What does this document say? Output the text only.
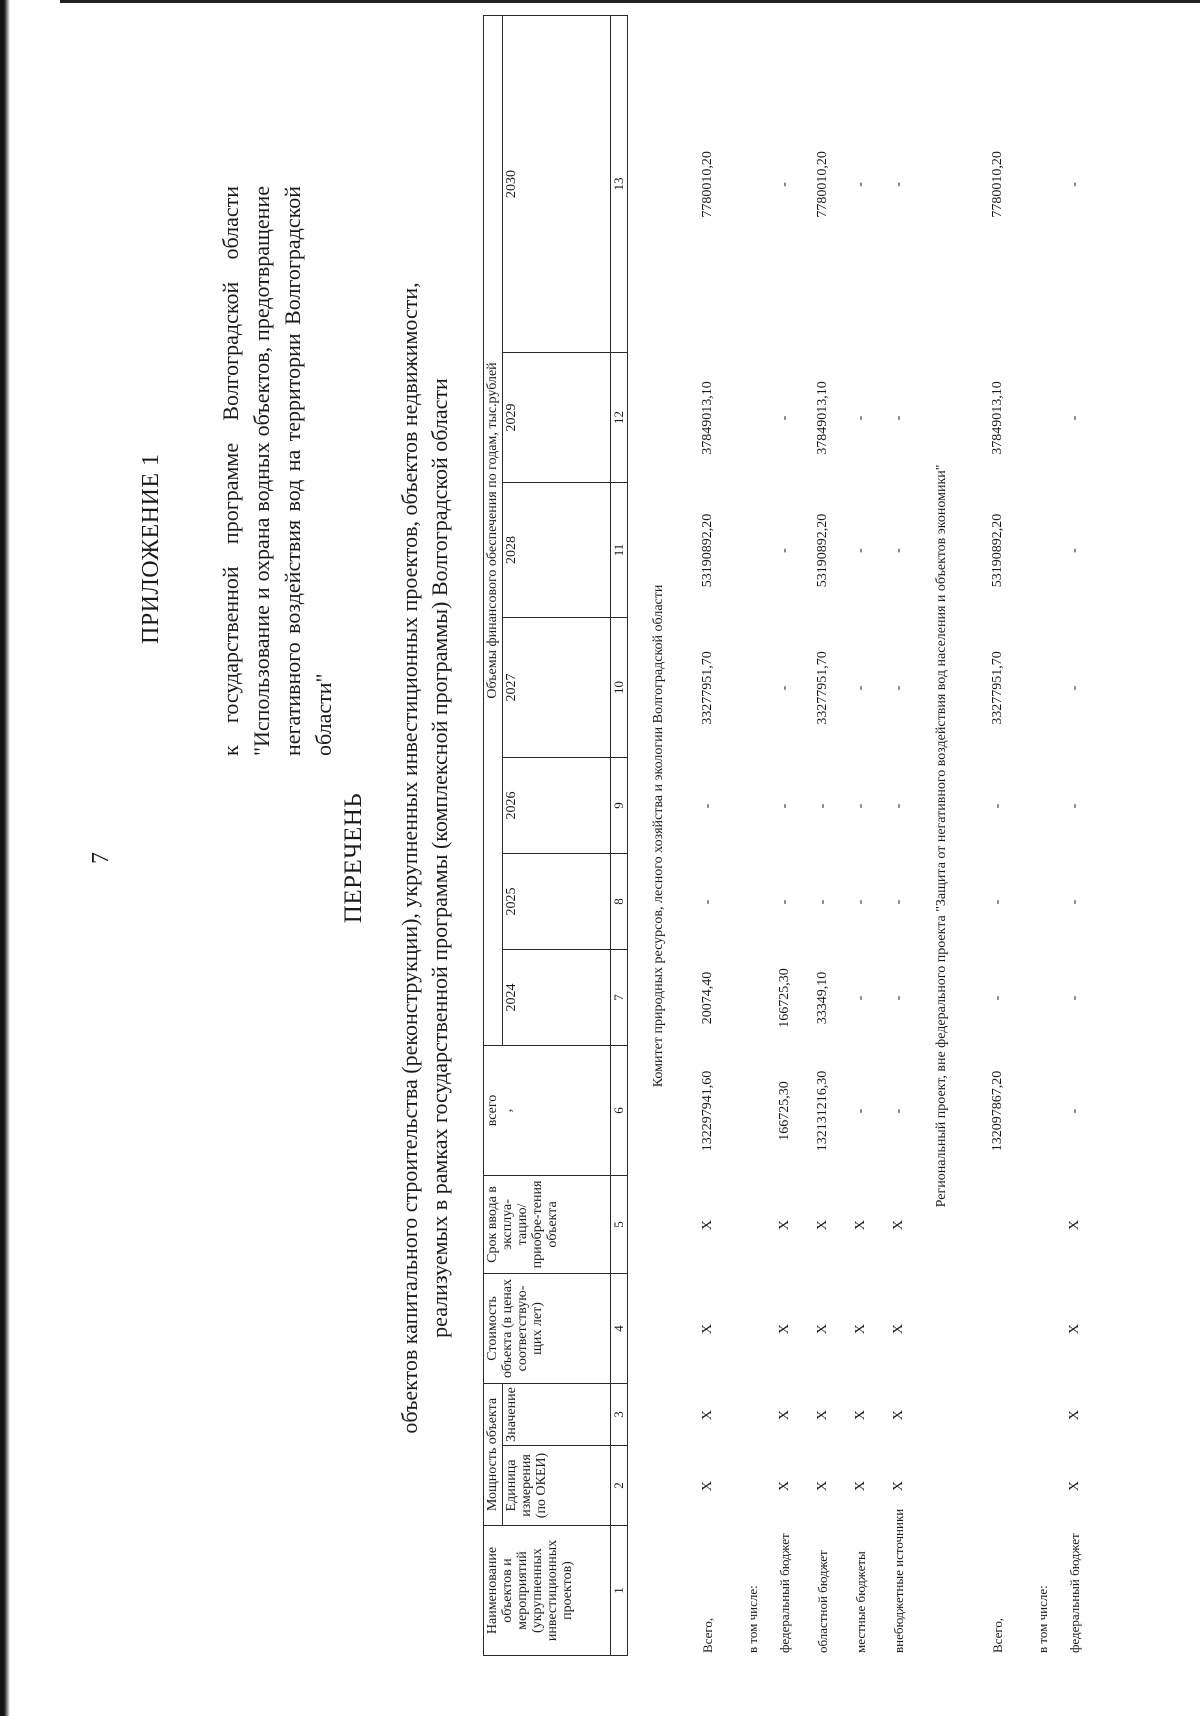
7
ПРИЛОЖЕНИЕ 1 к государственной программе Волгоградской области "Использование и охрана водных объектов, предотвращение негативного воздействия вод на территории Волгоградской области"
ПЕРЕЧЕНЬ объектов капитального строительства (реконструкции), укрупненных инвестиционных проектов, объектов недвижимости, реализуемых в рамках государственной программы (комплексной программы) Волгоградской области
Наименование объектов и мероприятий (укрупненных инвестиционных проектов)	Мощность объекта		Стоимость объекта (в ценах соответствую-щих лет)	Срок ввода в эксплуа-тацию/ приобре-тения объекта	всего ,	Объемы финансового обеспечения по годам, тыс.рублей						
	Единица измерения (по ОКЕИ)	Значение				2024	2025	2026	2027	2028	2029	2030
1	2	3	4	5	6	7	8	9	10	11	12	13
Комитет природных ресурсов, лесного хозяйства и экологии Волгоградской области												
Всего,	X	X	X	X	132297941,60	20074,40	-	-	33277951,70	53190892,20	37849013,10	7780010,20
в том числе:												
федеральный бюджет	X	X	X	X	166725,30	166725,30	-	-	-	-	-	-
областной бюджет	X	X	X	X	132131216,30	33349,10	-	-	33277951,70	53190892,20	37849013,10	7780010,20
местные бюджеты	X	X	X	X	-	-	-	-	-	-	-	-
внебюджетные источники	X	X	X	X	-	-	-	-	-	-	-	-
Региональный проект, вне федерального проекта "Защита от негативного воздействия вод населения и объектов экономики"												
Всего,					132097867,20	-	-	-	33277951,70	53190892,20	37849013,10	7780010,20
в том числе:												
федеральный бюджет	X	X	X	X	-	-	-	-	-	-	-	-
